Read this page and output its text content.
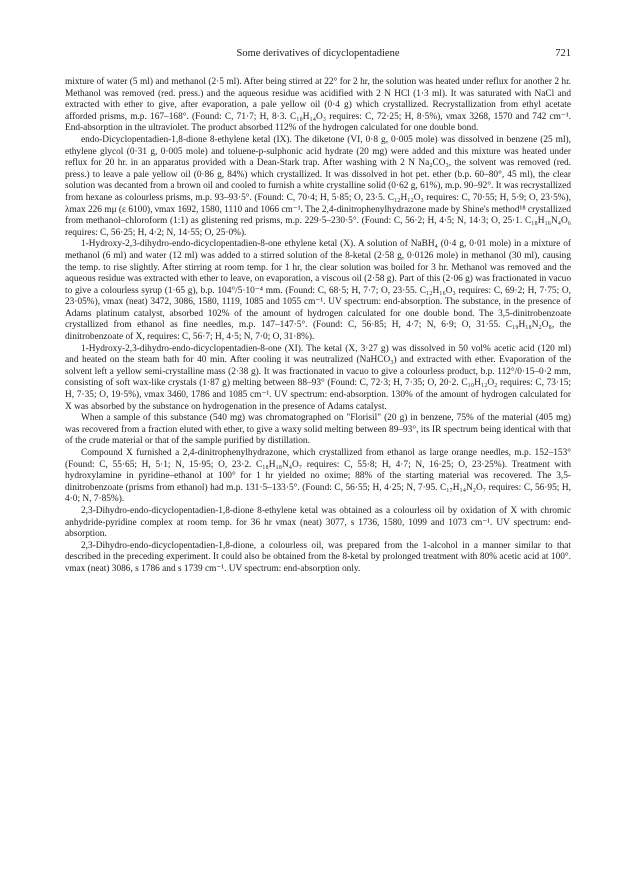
Some derivatives of dicyclopentadiene	721

mixture of water (5 ml) and methanol (2·5 ml). After being stirred at 22° for 2 hr, the solution was heated under reflux for another 2 hr. Methanol was removed (red. press.) and the aqueous residue was acidified with 2 N HCl (1·3 ml). It was saturated with NaCl and extracted with ether to give, after evaporation, a pale yellow oil (0·4 g) which crystallized. Recrystallization from ethyl acetate afforded prisms, m.p. 167–168°. (Found: C, 71·7; H, 8·3. C₁₀H₁₄O₃ requires: C, 72·25; H, 8·5%), νmax 3268, 1570 and 742 cm⁻¹. End-absorption in the ultraviolet. The product absorbed 112% of the hydrogen calculated for one double bond.

endo-Dicyclopentadien-1,8-dione 8-ethylene ketal (IX). The diketone (VI, 0·8 g, 0·005 mole) was dissolved in benzene (25 ml), ethylene glycol (0·31 g, 0·005 mole) and toluene-p-sulphonic acid hydrate (20 mg) were added and this mixture was heated under reflux for 20 hr. in an apparatus provided with a Dean-Stark trap. After washing with 2 N Na₂CO₃, the solvent was removed (red. press.) to leave a pale yellow oil (0·86 g, 84%) which crystallized. It was dissolved in hot pet. ether (b.p. 60–80°, 45 ml), the clear solution was decanted from a brown oil and cooled to furnish a white crystalline solid (0·62 g, 61%), m.p. 90–92°. It was recrystallized from hexane as colourless prisms, m.p. 93–93·5°. (Found: C, 70·4; H, 5·85; O, 23·5. C₁₂H₁₂O₃ requires: C, 70·55; H, 5·9; O, 23·5%), λmax 226 mμ (ε 6100), νmax 1692, 1580, 1110 and 1066 cm⁻¹. The 2,4-dinitrophenylhydrazone made by Shine's method¹⁸ crystallized from methanol–chloroform (1:1) as glistening red prisms, m.p. 229·5–230·5°. (Found: C, 56·2; H, 4·5; N, 14·3; O, 25·1. C₁₈H₁₆N₄O₆ requires: C, 56·25; H, 4·2; N, 14·55; O, 25·0%).

1-Hydroxy-2,3-dihydro-endo-dicyclopentadien-8-one ethylene ketal (X). A solution of NaBH₄ (0·4 g, 0·01 mole) in a mixture of methanol (6 ml) and water (12 ml) was added to a stirred solution of the 8-ketal (2·58 g, 0·0126 mole) in methanol (30 ml), causing the temp. to rise slightly. After stirring at room temp. for 1 hr, the clear solution was boiled for 3 hr. Methanol was removed and the aqueous residue was extracted with ether to leave, on evaporation, a viscous oil (2·58 g). Part of this (2·06 g) was fractionated in vacuo to give a colourless syrup (1·65 g), b.p. 104°/5·10⁻⁴ mm. (Found: C, 68·5; H, 7·7; O, 23·55. C₁₂H₁₆O₃ requires: C, 69·2; H, 7·75; O, 23·05%), νmax (neat) 3472, 3086, 1580, 1119, 1085 and 1055 cm⁻¹. UV spectrum: end-absorption. The substance, in the presence of Adams platinum catalyst, absorbed 102% of the amount of hydrogen calculated for one double bond. The 3,5-dinitrobenzoate crystallized from ethanol as fine needles, m.p. 147–147·5°. (Found: C, 56·85; H, 4·7; N, 6·9; O, 31·55. C₁₉H₁₈N₂O₈, the dinitrobenzoate of X, requires: C, 56·7; H, 4·5; N, 7·0; O, 31·8%).

1-Hydroxy-2,3-dihydro-endo-dicyclopentadien-8-one (XI). The ketal (X, 3·27 g) was dissolved in 50 vol% acetic acid (120 ml) and heated on the steam bath for 40 min. After cooling it was neutralized (NaHCO₃) and extracted with ether. Evaporation of the solvent left a yellow semi-crystalline mass (2·38 g). It was fractionated in vacuo to give a colourless product, b.p. 112°/0·15–0·2 mm, consisting of soft wax-like crystals (1·87 g) melting between 88–93° (Found: C, 72·3; H, 7·35; O, 20·2. C₁₀H₁₂O₂ requires: C, 73·15; H, 7·35; O, 19·5%), νmax 3460, 1786 and 1085 cm⁻¹. UV spectrum: end-absorption. 130% of the amount of hydrogen calculated for X was absorbed by the substance on hydrogenation in the presence of Adams catalyst.

When a sample of this substance (540 mg) was chromatographed on "Florisil" (20 g) in benzene, 75% of the material (405 mg) was recovered from a fraction eluted with ether, to give a waxy solid melting between 89–93°, its IR spectrum being identical with that of the crude material or that of the sample purified by distillation.

Compound X furnished a 2,4-dinitrophenylhydrazone, which crystallized from ethanol as large orange needles, m.p. 152–153° (Found: C, 55·65; H, 5·1; N, 15·95; O, 23·2. C₁₈H₁₈N₄O₇ requires: C, 55·8; H, 4·7; N, 16·25; O, 23·25%). Treatment with hydroxylamine in pyridine–ethanol at 100° for 1 hr yielded no oxime; 88% of the starting material was recovered. The 3,5-dinitrobenzoate (prisms from ethanol) had m.p. 131·5–133·5°. (Found: C, 56·55; H, 4·25; N, 7·95. C₁₇H₁₄N₂O₇ requires: C, 56·95; H, 4·0; N, 7·85%).

2,3-Dihydro-endo-dicyclopentadien-1,8-dione 8-ethylene ketal was obtained as a colourless oil by oxidation of X with chromic anhydride-pyridine complex at room temp. for 36 hr νmax (neat) 3077, s 1736, 1580, 1099 and 1073 cm⁻¹. UV spectrum: end-absorption.

2,3-Dihydro-endo-dicyclopentadien-1,8-dione, a colourless oil, was prepared from the 1-alcohol in a manner similar to that described in the preceding experiment. It could also be obtained from the 8-ketal by prolonged treatment with 80% acetic acid at 100°. νmax (neat) 3086, s 1786 and s 1739 cm⁻¹. UV spectrum: end-absorption only.
